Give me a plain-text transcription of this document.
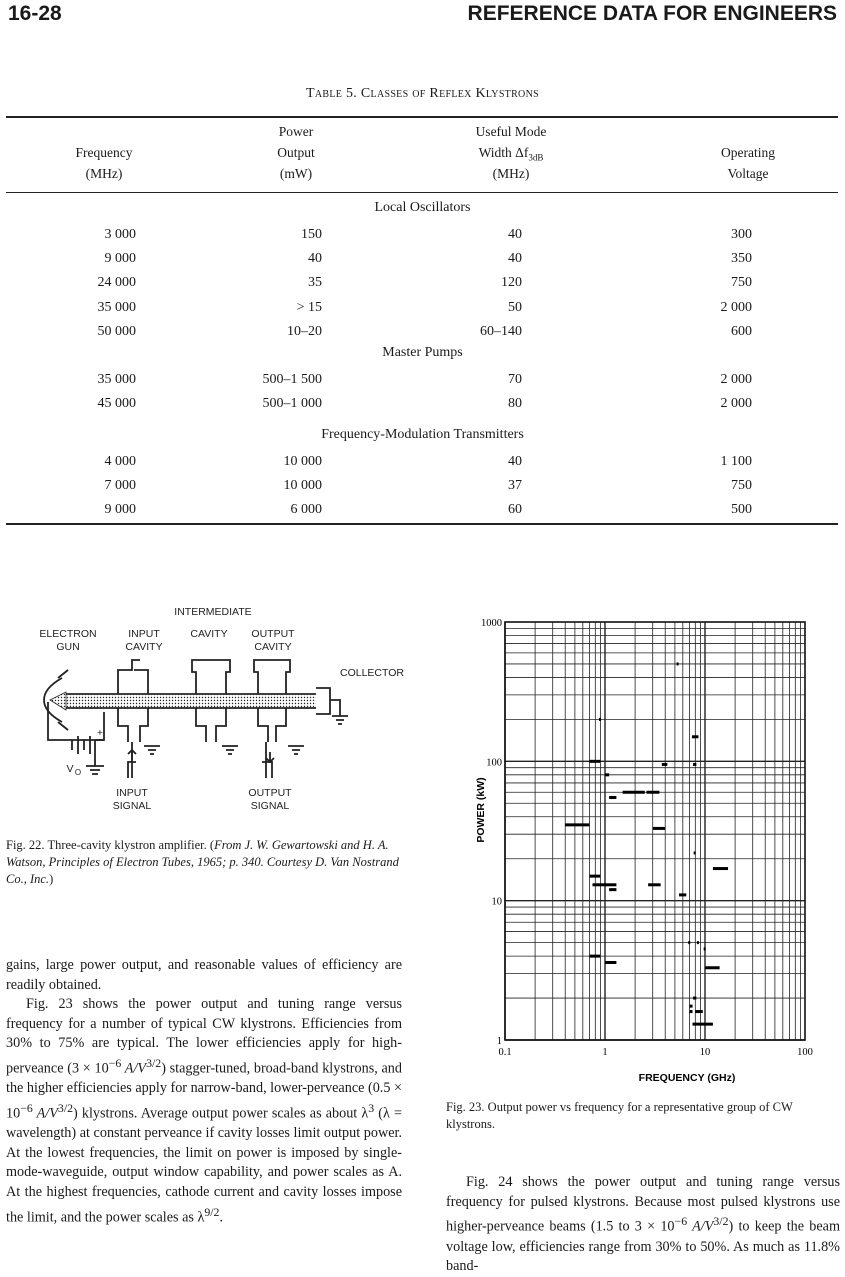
16-28	REFERENCE DATA FOR ENGINEERS
Table 5. Classes of Reflex Klystrons
Frequency
(MHz)
Power
Output
(mW)
Useful Mode
Width $\Delta f_{3dB}$
(MHz)
Operating
Voltage
Local Oscillators
3 000	150	40	300
9 000	40	40	350
24 000	35	120	750
35 000	> 15	50	2 000
50 000	10–20	60–140	600
Master Pumps
35 000	500–1 500	70	2 000
45 000	500–1 000	80	2 000
Frequency-Modulation Transmitters
4 000	10 000	40	1 100
7 000	10 000	37	750
9 000	6 000	60	500
INTERMEDIATE
ELECTRON
GUN
INPUT
CAVITY
CAVITY OUTPUT
CAVITY
COLLECTOR
+
V O
INPUT
SIGNAL
OUTPUT
SIGNAL
Fig. 22. Three-cavity klystron amplifier. (From J. W. Gewartowski and H. A. Watson, Principles of Electron Tubes, 1965; p. 340. Courtesy D. Van Nostrand Co., Inc.)
gains, large power output, and reasonable values of efficiency are readily obtained.
Fig. 23 shows the power output and tuning range versus frequency for a number of typical CW klystrons. Efficiencies from 30% to 75% are typical. The lower efficiencies apply for high-perveance ($3 \times 10^{-6}$ $A/V^{3/2}$) stagger-tuned, broad-band klystrons, and the higher efficiencies apply for narrow-band, lower-perveance ($0.5 \times 10^{-6}$ $A/V^{3/2}$) klystrons. Average output power scales as about $\lambda^3$ (λ = wavelength) at constant perveance if cavity losses limit output power. At the lowest frequencies, the limit on power is imposed by single-mode-waveguide, output window capability, and power scales as A. At the highest frequencies, cathode current and cavity losses impose the limit, and the power scales as $\lambda^{9/2}$.
0.1	1	10	100
1000
100
10
1
FREQUENCY (GHz)
POWER (kW)
Fig. 23. Output power vs frequency for a representative group of CW klystrons.
Fig. 24 shows the power output and tuning range versus frequency for pulsed klystrons. Because most pulsed klystrons use higher-perveance beams (1.5 to $3 \times 10^{-6}$ $A/V^{3/2}$) to keep the beam voltage low, efficiencies range from 30% to 50%. As much as 11.8% band-
